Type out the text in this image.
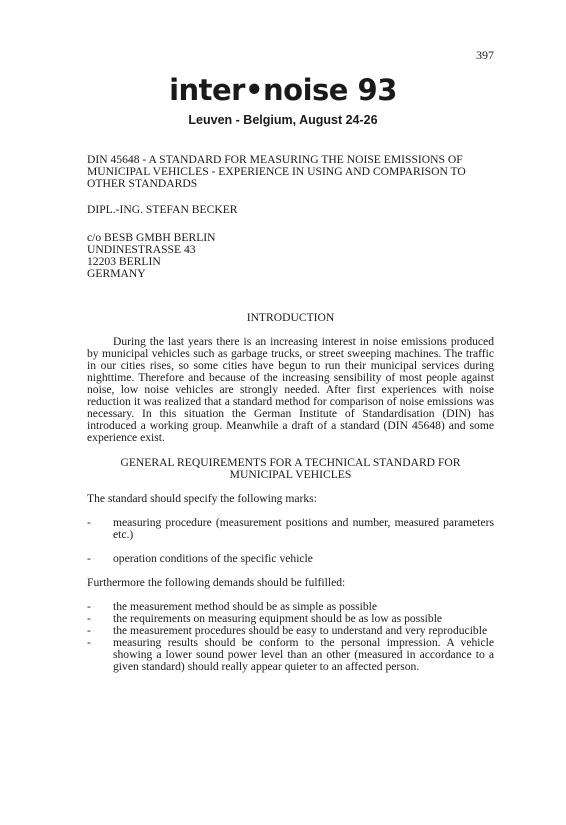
397
inter•noise 93
Leuven - Belgium, August 24-26
DIN 45648 - A STANDARD FOR MEASURING THE NOISE EMISSIONS OF MUNICIPAL VEHICLES - EXPERIENCE IN USING AND COMPARISON TO OTHER STANDARDS
DIPL.-ING. STEFAN BECKER
c/o BESB GMBH BERLIN
UNDINESTRASSE 43
12203 BERLIN
GERMANY
INTRODUCTION

During the last years there is an increasing interest in noise emissions produced by municipal vehicles such as garbage trucks, or street sweeping machines. The traffic in our cities rises, so some cities have begun to run their municipal services during nighttime. Therefore and because of the increasing sensibility of most people against noise, low noise vehicles are strongly needed. After first experiences with noise reduction it was realized that a standard method for comparison of noise emissions was necessary. In this situation the German Institute of Standardisation (DIN) has introduced a working group. Meanwhile a draft of a standard (DIN 45648) and some experience exist.

GENERAL REQUIREMENTS FOR A TECHNICAL STANDARD FOR
MUNICIPAL VEHICLES

The standard should specify the following marks:

- measuring procedure (measurement positions and number, measured parameters etc.)
- operation conditions of the specific vehicle

Furthermore the following demands should be fulfilled:

- the measurement method should be as simple as possible
- the requirements on measuring equipment should be as low as possible
- the measurement procedures should be easy to understand and very reproducible
- measuring results should be conform to the personal impression. A vehicle showing a lower sound power level than an other (measured in accordance to a given standard) should really appear quieter to an affected person.
